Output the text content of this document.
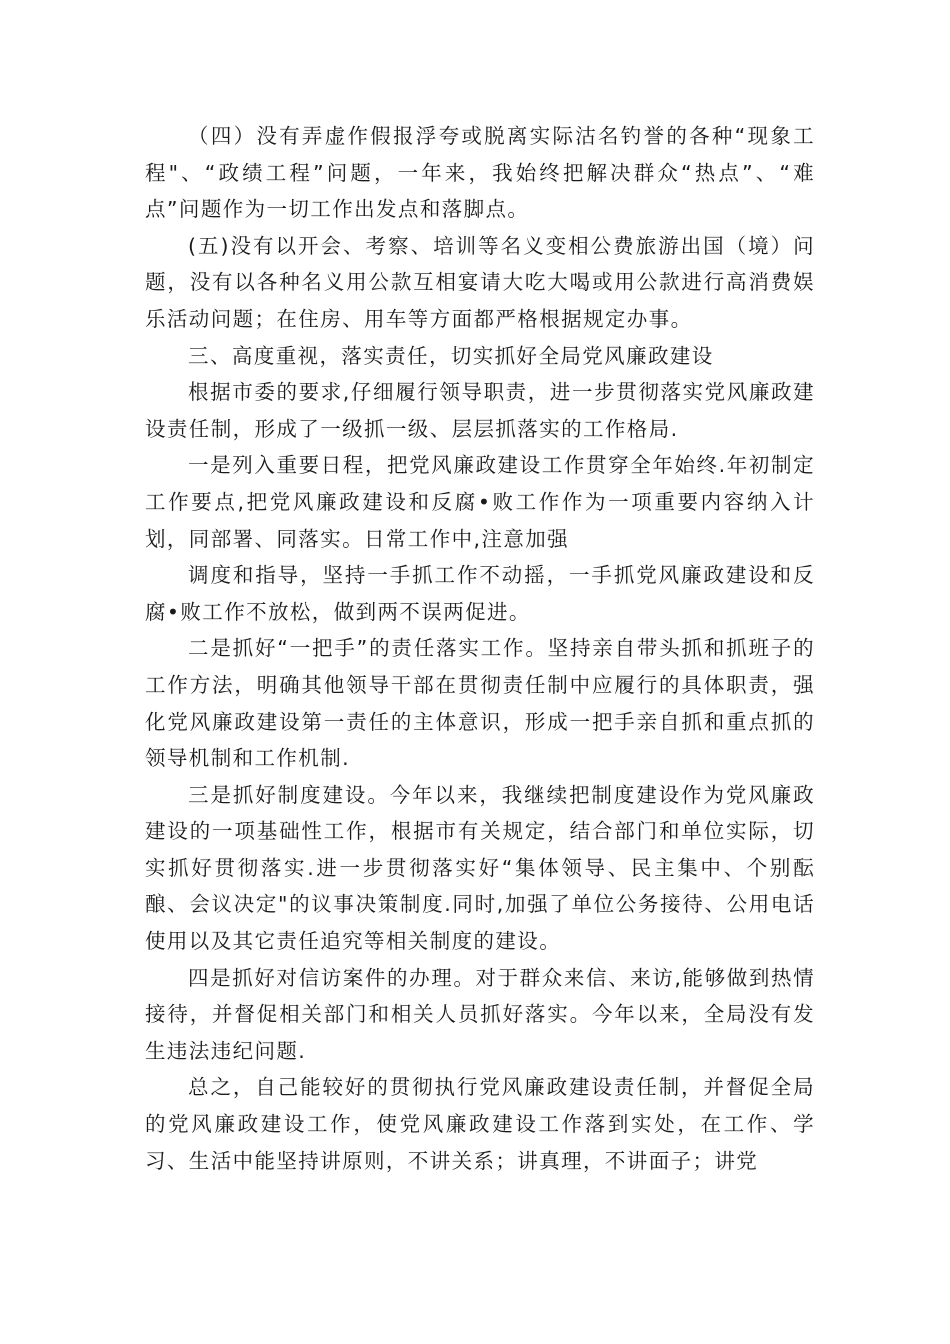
（四）没有弄虚作假报浮夸或脱离实际沽名钓誉的各种“现象工程"、“政绩工程”问题，一年来，我始终把解决群众“热点”、“难点”问题作为一切工作出发点和落脚点。

(五)没有以开会、考察、培训等名义变相公费旅游出国（境）问题，没有以各种名义用公款互相宴请大吃大喝或用公款进行高消费娱乐活动问题；在住房、用车等方面都严格根据规定办事。

三、高度重视，落实责任，切实抓好全局党风廉政建设

根据市委的要求,仔细履行领导职责，进一步贯彻落实党风廉政建设责任制，形成了一级抓一级、层层抓落实的工作格局.

一是列入重要日程，把党风廉政建设工作贯穿全年始终.年初制定工作要点,把党风廉政建设和反腐•败工作作为一项重要内容纳入计划，同部署、同落实。日常工作中,注意加强

调度和指导，坚持一手抓工作不动摇，一手抓党风廉政建设和反腐•败工作不放松，做到两不误两促进。

二是抓好“一把手”的责任落实工作。坚持亲自带头抓和抓班子的工作方法，明确其他领导干部在贯彻责任制中应履行的具体职责，强化党风廉政建设第一责任的主体意识，形成一把手亲自抓和重点抓的领导机制和工作机制.

三是抓好制度建设。今年以来，我继续把制度建设作为党风廉政建设的一项基础性工作，根据市有关规定，结合部门和单位实际，切实抓好贯彻落实.进一步贯彻落实好“集体领导、民主集中、个别酝酿、会议决定"的议事决策制度.同时,加强了单位公务接待、公用电话使用以及其它责任追究等相关制度的建设。

四是抓好对信访案件的办理。对于群众来信、来访,能够做到热情接待，并督促相关部门和相关人员抓好落实。今年以来，全局没有发生违法违纪问题.

总之，自己能较好的贯彻执行党风廉政建设责任制，并督促全局的党风廉政建设工作，使党风廉政建设工作落到实处，在工作、学习、生活中能坚持讲原则，不讲关系；讲真理，不讲面子；讲党
